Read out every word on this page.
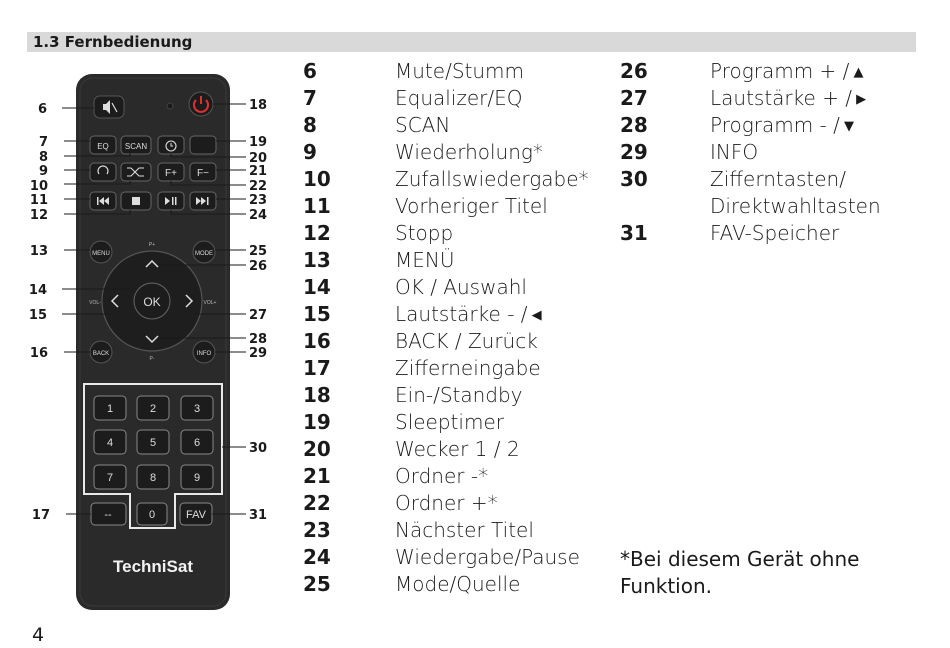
1.3 Fernbedienung
EQ SCAN
F+ F−
MENU	MODE
BACK	INFO
OK
P+
P-
VOL-	VOL+
1	2	3
4	5	6
7	8	9
--	0	FAV
TechniSat
6
7
8
9
10
11
12
13
14
15
16
17
18
19
20
21
22
23
24
25
26
27
28
29
30
31
6	Mute/Stumm
7	Equalizer/EQ
8	SCAN
9	Wiederholung*
10	Zufallswiedergabe*
11	Vorheriger Titel
12	Stopp
13	MENÜ
14	OK / Auswahl
15	Lautstärke - / ◀
16	BACK / Zurück
17	Zifferneingabe
18	Ein-/Standby
19	Sleeptimer
20	Wecker 1 / 2
21	Ordner -*
22	Ordner +*
23	Nächster Titel
24	Wiedergabe/Pause
25	Mode/Quelle
26	Programm + / ▲
27	Lautstärke + / ▶
28	Programm - / ▼
29	INFO
30	Zifferntasten/
Direktwahltasten
31	FAV-Speicher
*Bei diesem Gerät ohne Funktion.
4
